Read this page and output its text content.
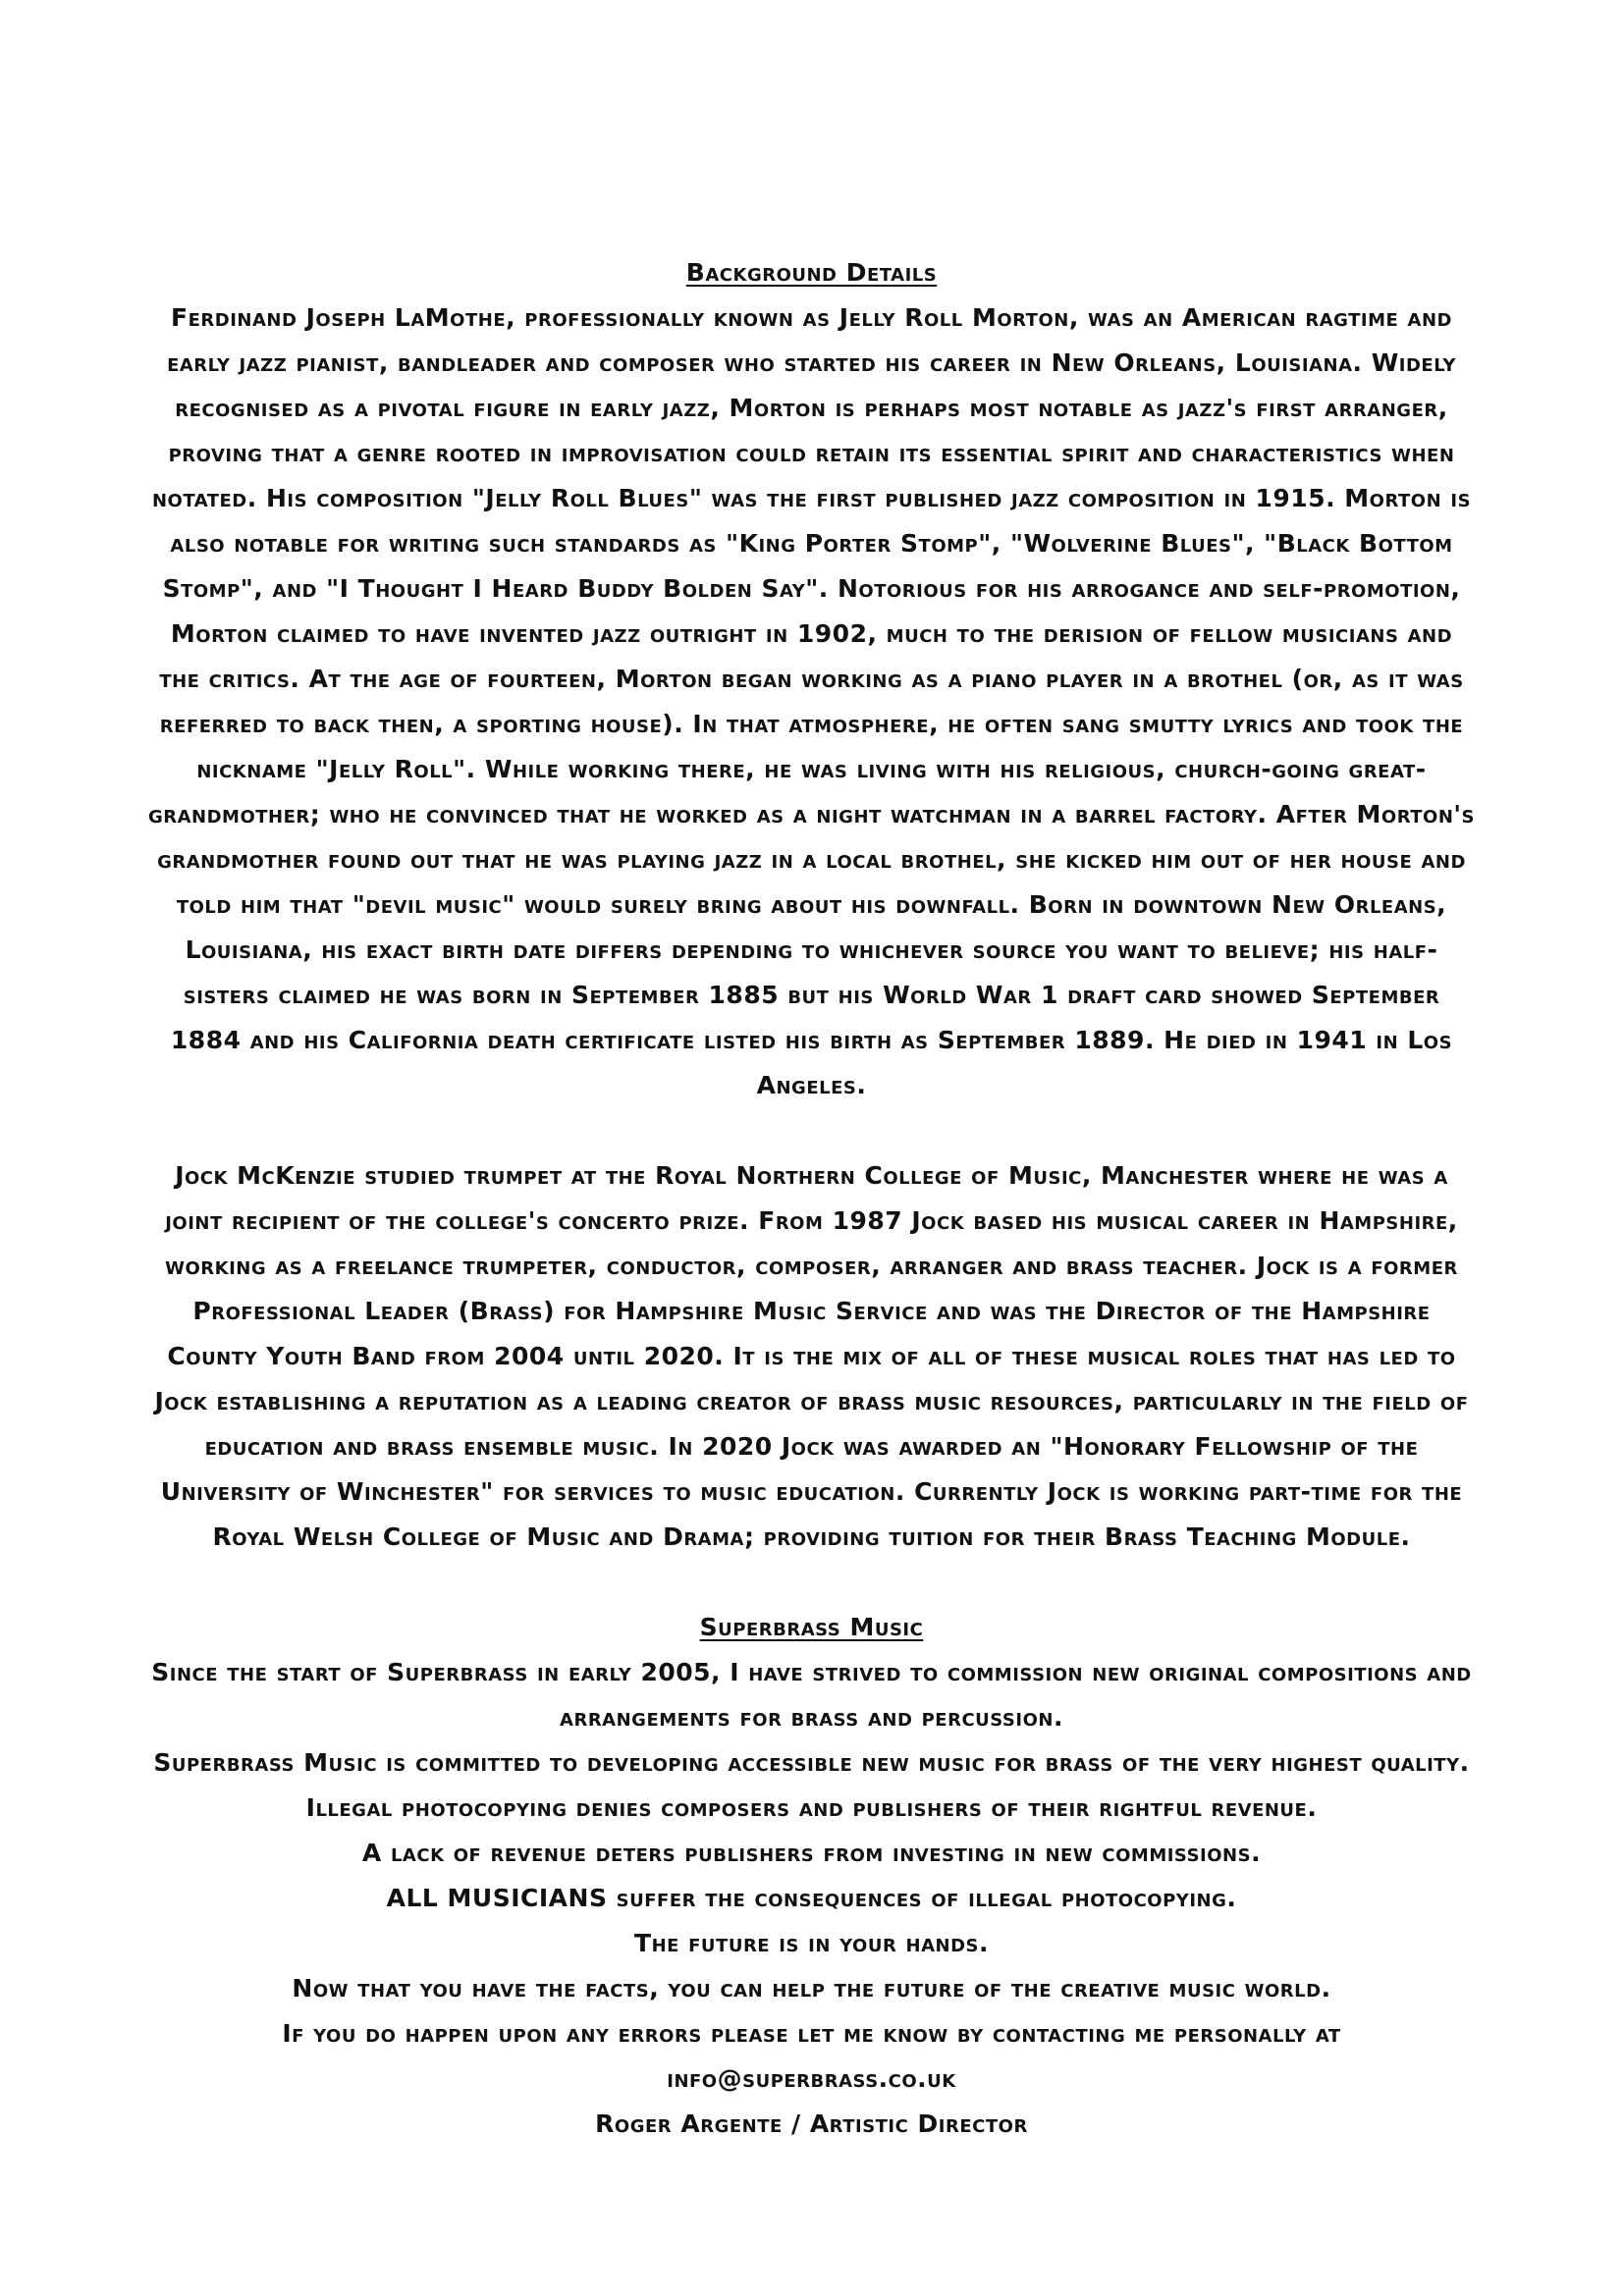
Background Details

Ferdinand Joseph LaMothe, professionally known as Jelly Roll Morton, was an American ragtime and early jazz pianist, bandleader and composer who started his career in New Orleans, Louisiana. Widely recognised as a pivotal figure in early jazz, Morton is perhaps most notable as jazz's first arranger, proving that a genre rooted in improvisation could retain its essential spirit and characteristics when notated. His composition "Jelly Roll Blues" was the first published jazz composition in 1915. Morton is also notable for writing such standards as "King Porter Stomp", "Wolverine Blues", "Black Bottom Stomp", and "I Thought I Heard Buddy Bolden Say". Notorious for his arrogance and self-promotion, Morton claimed to have invented jazz outright in 1902, much to the derision of fellow musicians and the critics. At the age of fourteen, Morton began working as a piano player in a brothel (or, as it was referred to back then, a sporting house). In that atmosphere, he often sang smutty lyrics and took the nickname "Jelly Roll". While working there, he was living with his religious, church-going great-grandmother; who he convinced that he worked as a night watchman in a barrel factory. After Morton's grandmother found out that he was playing jazz in a local brothel, she kicked him out of her house and told him that "devil music" would surely bring about his downfall. Born in downtown New Orleans, Louisiana, his exact birth date differs depending to whichever source you want to believe; his half-sisters claimed he was born in September 1885 but his World War 1 draft card showed September 1884 and his California death certificate listed his birth as September 1889. He died in 1941 in Los Angeles.

Jock McKenzie studied trumpet at the Royal Northern College of Music, Manchester where he was a joint recipient of the college's concerto prize. From 1987 Jock based his musical career in Hampshire, working as a freelance trumpeter, conductor, composer, arranger and brass teacher. Jock is a former Professional Leader (Brass) for Hampshire Music Service and was the Director of the Hampshire County Youth Band from 2004 until 2020. It is the mix of all of these musical roles that has led to Jock establishing a reputation as a leading creator of brass music resources, particularly in the field of education and brass ensemble music. In 2020 Jock was awarded an "Honorary Fellowship of the University of Winchester" for services to music education. Currently Jock is working part-time for the Royal Welsh College of Music and Drama; providing tuition for their Brass Teaching Module.

Superbrass Music

Since the start of Superbrass in early 2005, I have strived to commission new original compositions and arrangements for brass and percussion.

Superbrass Music is committed to developing accessible new music for brass of the very highest quality.

Illegal photocopying denies composers and publishers of their rightful revenue.

A lack of revenue deters publishers from investing in new commissions.

ALL MUSICIANS suffer the consequences of illegal photocopying.

The future is in your hands.

Now that you have the facts, you can help the future of the creative music world.

If you do happen upon any errors please let me know by contacting me personally at

info@superbrass.co.uk

Roger Argente / Artistic Director
